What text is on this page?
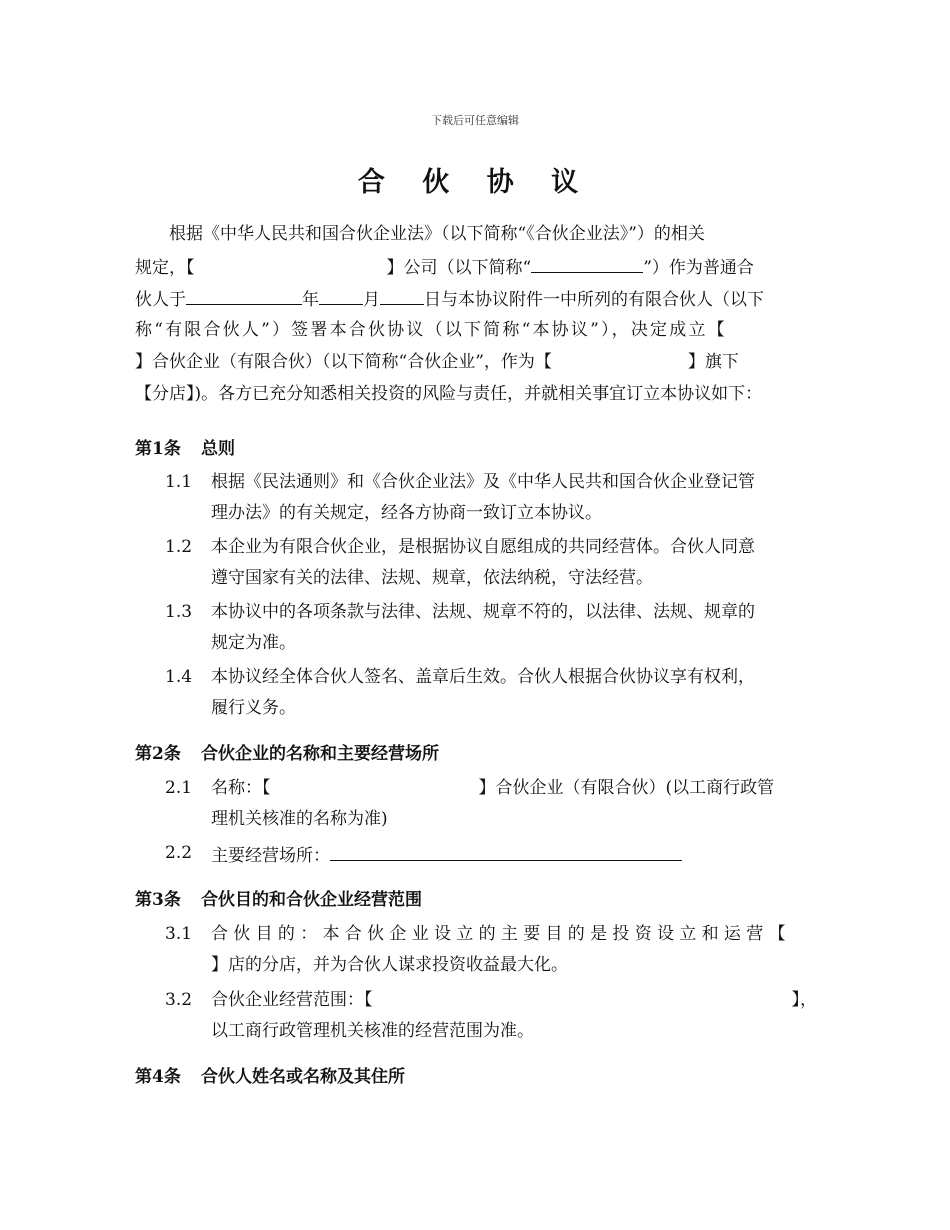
下载后可任意编辑
合 伙 协 议
根据《中华人民共和国合伙企业法》（以下简称“《合伙企业法》”）的相关
规定，【	】公司（以下简称“	”）作为普通合
伙人于	年	月	日与本协议附件一中所列的有限合伙人（以下
称“有限合伙人”）签署本合伙协议（以下简称“本协议”），决定成立【
】合伙企业（有限合伙）（以下简称“合伙企业”，作为【	】旗下
【分店】)。各方已充分知悉相关投资的风险与责任，并就相关事宜订立本协议如下：
第1条 总则
1.1	根据《民法通则》和《合伙企业法》及《中华人民共和国合伙企业登记管
理办法》的有关规定，经各方协商一致订立本协议。
1.2	本企业为有限合伙企业，是根据协议自愿组成的共同经营体。合伙人同意
遵守国家有关的法律、法规、规章，依法纳税，守法经营。
1.3	本协议中的各项条款与法律、法规、规章不符的，以法律、法规、规章的
规定为准。
1.4	本协议经全体合伙人签名、盖章后生效。合伙人根据合伙协议享有权利，
履行义务。
第2条 合伙企业的名称和主要经营场所
2.1	名称：【	】合伙企业（有限合伙）(以工商行政管
理机关核准的名称为准)
2.2	主要经营场所：
第3条 合伙目的和合伙企业经营范围
3.1	合伙目的：本合伙企业设立的主要目的是投资设立和运营【
】店的分店，并为合伙人谋求投资收益最大化。
3.2	合伙企业经营范围：【	】，
以工商行政管理机关核准的经营范围为准。
第4条 合伙人姓名或名称及其住所
